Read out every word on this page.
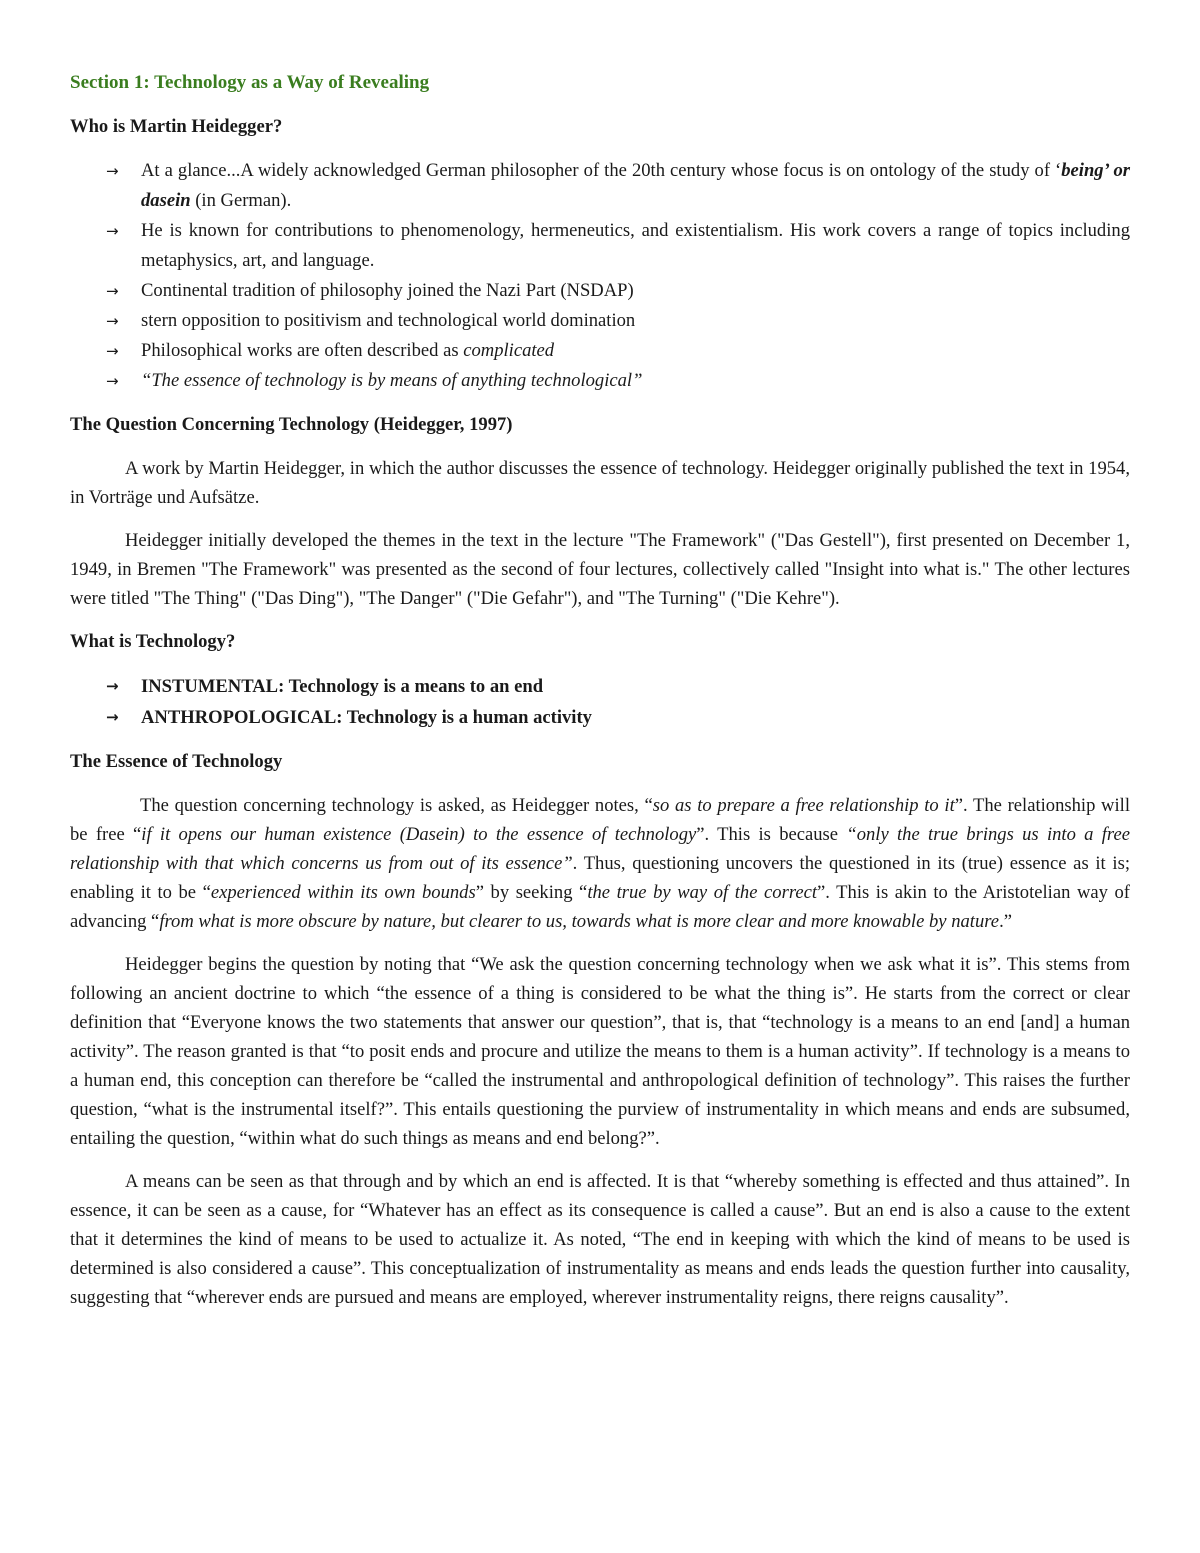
Section 1: Technology as a Way of Revealing
Who is Martin Heidegger?
→ At a glance...A widely acknowledged German philosopher of the 20th century whose focus is on ontology of the study of ‘being’ or dasein (in German).
→ He is known for contributions to phenomenology, hermeneutics, and existentialism. His work covers a range of topics including metaphysics, art, and language.
→ Continental tradition of philosophy joined the Nazi Part (NSDAP)
→ stern opposition to positivism and technological world domination
→ Philosophical works are often described as complicated
→ “The essence of technology is by means of anything technological”
The Question Concerning Technology (Heidegger, 1997)

A work by Martin Heidegger, in which the author discusses the essence of technology. Heidegger originally published the text in 1954, in Vorträge und Aufsätze.

Heidegger initially developed the themes in the text in the lecture "The Framework" ("Das Gestell"), first presented on December 1, 1949, in Bremen "The Framework" was presented as the second of four lectures, collectively called "Insight into what is." The other lectures were titled "The Thing" ("Das Ding"), "The Danger" ("Die Gefahr"), and "The Turning" ("Die Kehre").

What is Technology?
→ INSTUMENTAL: Technology is a means to an end
→ ANTHROPOLOGICAL: Technology is a human activity
The Essence of Technology

The question concerning technology is asked, as Heidegger notes, “so as to prepare a free relationship to it”. The relationship will be free “if it opens our human existence (Dasein) to the essence of technology”. This is because “only the true brings us into a free relationship with that which concerns us from out of its essence”. Thus, questioning uncovers the questioned in its (true) essence as it is; enabling it to be “experienced within its own bounds” by seeking “the true by way of the correct”. This is akin to the Aristotelian way of advancing “from what is more obscure by nature, but clearer to us, towards what is more clear and more knowable by nature.”

Heidegger begins the question by noting that “We ask the question concerning technology when we ask what it is”. This stems from following an ancient doctrine to which “the essence of a thing is considered to be what the thing is”. He starts from the correct or clear definition that “Everyone knows the two statements that answer our question”, that is, that “technology is a means to an end [and] a human activity”. The reason granted is that “to posit ends and procure and utilize the means to them is a human activity”. If technology is a means to a human end, this conception can therefore be “called the instrumental and anthropological definition of technology”. This raises the further question, “what is the instrumental itself?”. This entails questioning the purview of instrumentality in which means and ends are subsumed, entailing the question, “within what do such things as means and end belong?”.

A means can be seen as that through and by which an end is affected. It is that “whereby something is effected and thus attained”. In essence, it can be seen as a cause, for “Whatever has an effect as its consequence is called a cause”. But an end is also a cause to the extent that it determines the kind of means to be used to actualize it. As noted, “The end in keeping with which the kind of means to be used is determined is also considered a cause”. This conceptualization of instrumentality as means and ends leads the question further into causality, suggesting that “wherever ends are pursued and means are employed, wherever instrumentality reigns, there reigns causality”.
